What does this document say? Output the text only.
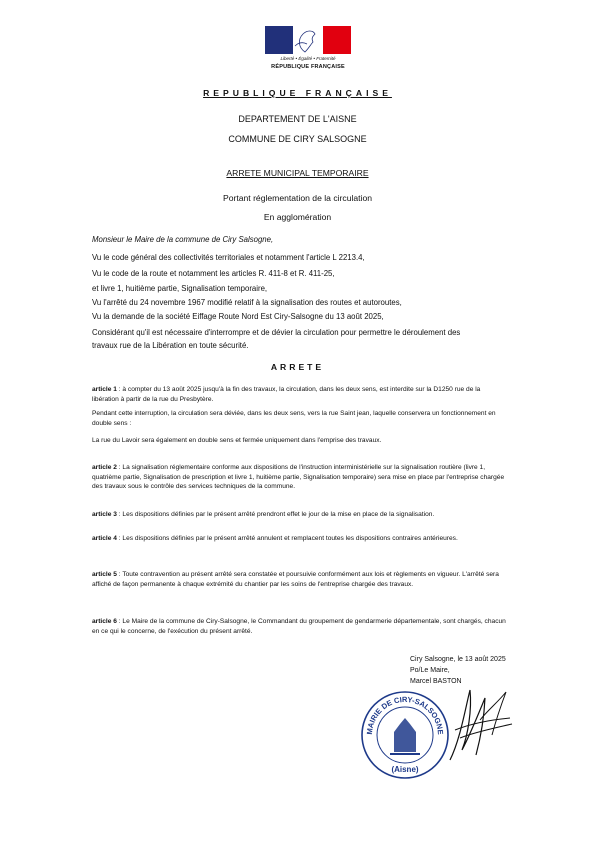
Liberté • Égalité • Fraternité
RÉPUBLIQUE FRANÇAISE
REPUBLIQUE FRANÇAISE
DEPARTEMENT DE L'AISNE
COMMUNE DE CIRY SALSOGNE
ARRETE MUNICIPAL TEMPORAIRE
Portant réglementation de la circulation
En agglomération
Monsieur le Maire de la commune de Ciry Salsogne,
Vu le code général des collectivités territoriales et notamment l'article L 2213.4,
Vu le code de la route et notamment les articles R. 411-8 et R. 411-25,
et livre 1, huitième partie, Signalisation temporaire,
Vu l'arrêté du 24 novembre 1967 modifié relatif à la signalisation des routes et autoroutes,
Vu la demande de la société Eiffage Route Nord Est Ciry-Salsogne du 13 août 2025,
Considérant qu'il est nécessaire d'interrompre et de dévier la circulation pour permettre le déroulement des
travaux rue de la Libération en toute sécurité.
ARRETE
article 1 : à compter du 13 août 2025 jusqu'à la fin des travaux, la circulation, dans les deux sens, est interdite sur la D1250 rue de la libération à partir de la rue du Presbytère.
Pendant cette interruption, la circulation sera déviée, dans les deux sens, vers la rue Saint jean, laquelle conservera un fonctionnement en double sens :
La rue du Lavoir sera également en double sens et fermée uniquement dans l'emprise des travaux.
article 2 : La signalisation réglementaire conforme aux dispositions de l'instruction interministérielle sur la signalisation routière (livre 1, quatrième partie, Signalisation de prescription et livre 1, huitième partie, Signalisation temporaire) sera mise en place par l'entreprise chargée des travaux sous le contrôle des services techniques de la commune.
article 3 : Les dispositions définies par le présent arrêté prendront effet le jour de la mise en place de la signalisation.
article 4 : Les dispositions définies par le présent arrêté annulent et remplacent toutes les dispositions contraires antérieures.
article 5 : Toute contravention au présent arrêté sera constatée et poursuivie conformément aux lois et règlements en vigueur. L'arrêté sera affiché de façon permanente à chaque extrémité du chantier par les soins de l'entreprise chargée des travaux.
article 6 : Le Maire de la commune de Ciry-Salsogne, le Commandant du groupement de gendarmerie départementale, sont chargés, chacun en ce qui le concerne, de l'exécution du présent arrêté.
Ciry Salsogne, le 13 août 2025
Po/Le Maire,
Marcel BASTON
MAIRIE DE CIRY-SALSOGNE
(Aisne)
